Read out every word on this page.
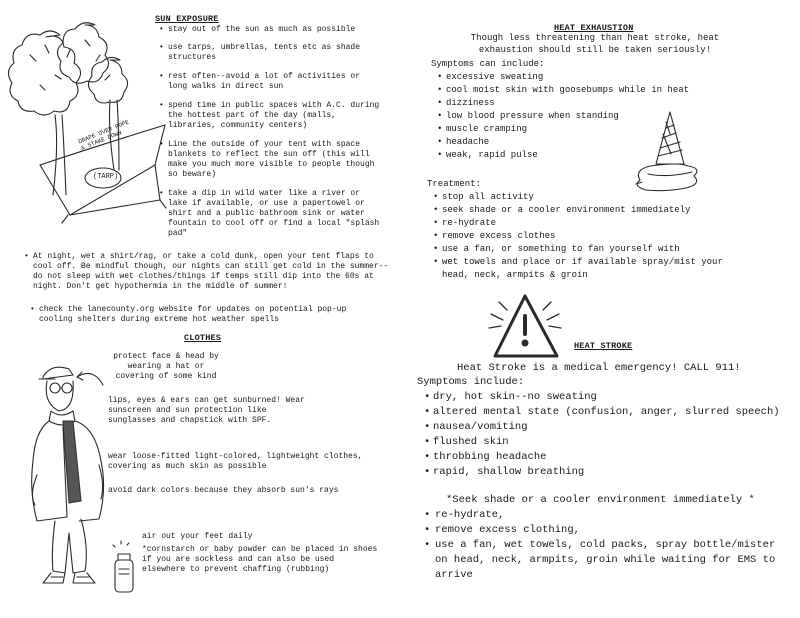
SUN EXPOSURE
DRAPE OVER ROPE & STAKE DOWN
(TARP)
• stay out of the sun as much as possible
• use tarps, umbrellas, tents etc as shade structures
• rest often--avoid a lot of activities or long walks in direct sun
• spend time in public spaces with A.C. during the hottest part of the day (malls, libraries, community centers)
• Line the outside of your tent with space blankets to reflect the sun off (this will make you much more visible to people though so beware)
• take a dip in wild water like a river or lake if available, or use a papertowel or shirt and a public bathroom sink or water fountain to cool off or find a local "splash pad"
• At night, wet a shirt/rag, or take a cold dunk, open your tent flaps to cool off. Be mindful though, our nights can still get cold in the summer--do not sleep with wet clothes/things if temps still dip into the 60s at night. Don't get hypothermia in the middle of summer!
• check the lanecounty.org website for updates on potential pop-up cooling shelters during extreme hot weather spells
CLOTHES
protect face & head by wearing a hat or covering of some kind
lips, eyes & ears can get sunburned! Wear sunscreen and sun protection like sunglasses and chapstick with SPF.
wear loose-fitted light-colored, lightweight clothes, covering as much skin as possible
avoid dark colors because they absorb sun's rays
air out your feet daily
*cornstarch or baby powder can be placed in shoes if you are sockless and can also be used elsewhere to prevent chaffing (rubbing)
HEAT EXHAUSTION
Though less threatening than heat stroke, heat exhaustion should still be taken seriously!
Symptoms can include:
• excessive sweating
• cool moist skin with goosebumps while in heat
• dizziness
• low blood pressure when standing
• muscle cramping
• headache
• weak, rapid pulse
Treatment:
• stop all activity
• seek shade or a cooler environment immediately
• re-hydrate
• remove excess clothes
• use a fan, or something to fan yourself with
• wet towels and place or if available spray/mist your head, neck, armpits & groin
HEAT STROKE
Heat Stroke is a medical emergency! CALL 911!
Symptoms include:
• dry, hot skin--no sweating
• altered mental state (confusion, anger, slurred speech)
• nausea/vomiting
• flushed skin
• throbbing headache
• rapid, shallow breathing
*Seek shade or a cooler environment immediately *
• re-hydrate,
• remove excess clothing,
• use a fan, wet towels, cold packs, spray bottle/mister on head, neck, armpits, groin while waiting for EMS to arrive
